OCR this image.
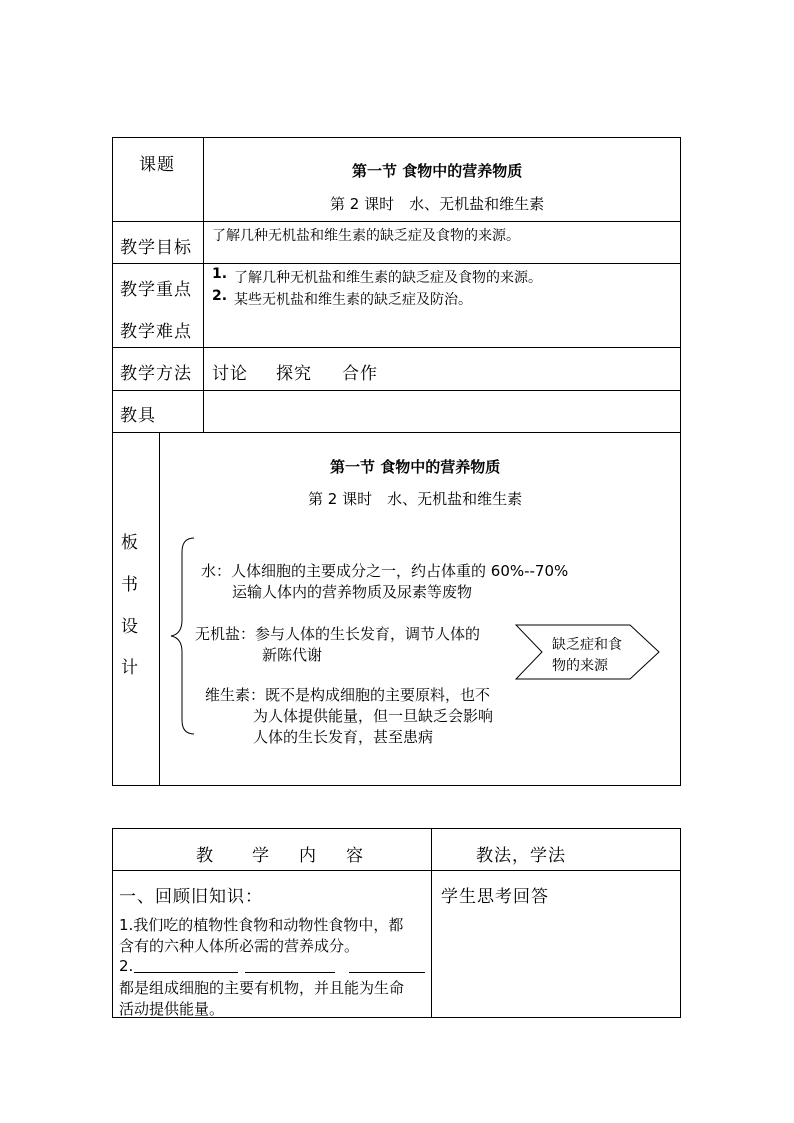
课题	第一节 食物中的营养物质
第 2 课时　水、无机盐和维生素
教学目标
了解几种无机盐和维生素的缺乏症及食物的来源。
教学重点
教学难点
1. 了解几种无机盐和维生素的缺乏症及食物的来源。
2. 某些无机盐和维生素的缺乏症及防治。
教学方法 讨论 探究 合作
教具
板
书
设
计
第一节 食物中的营养物质
第 2 课时　水、无机盐和维生素
水：人体细胞的主要成分之一，约占体重的 60%--70%
运输人体内的营养物质及尿素等废物
无机盐：参与人体的生长发育，调节人体的
新陈代谢
维生素：既不是构成细胞的主要原料，也不
为人体提供能量，但一旦缺乏会影响
人体的生长发育，甚至患病
缺乏症和食
物的来源
教 学 内 容	教法，学法
一、回顾旧知识：
1.我们吃的植物性食物和动物性食物中，都
含有的六种人体所必需的营养成分。
2.
都是组成细胞的主要有机物，并且能为生命
活动提供能量。
学生思考回答
